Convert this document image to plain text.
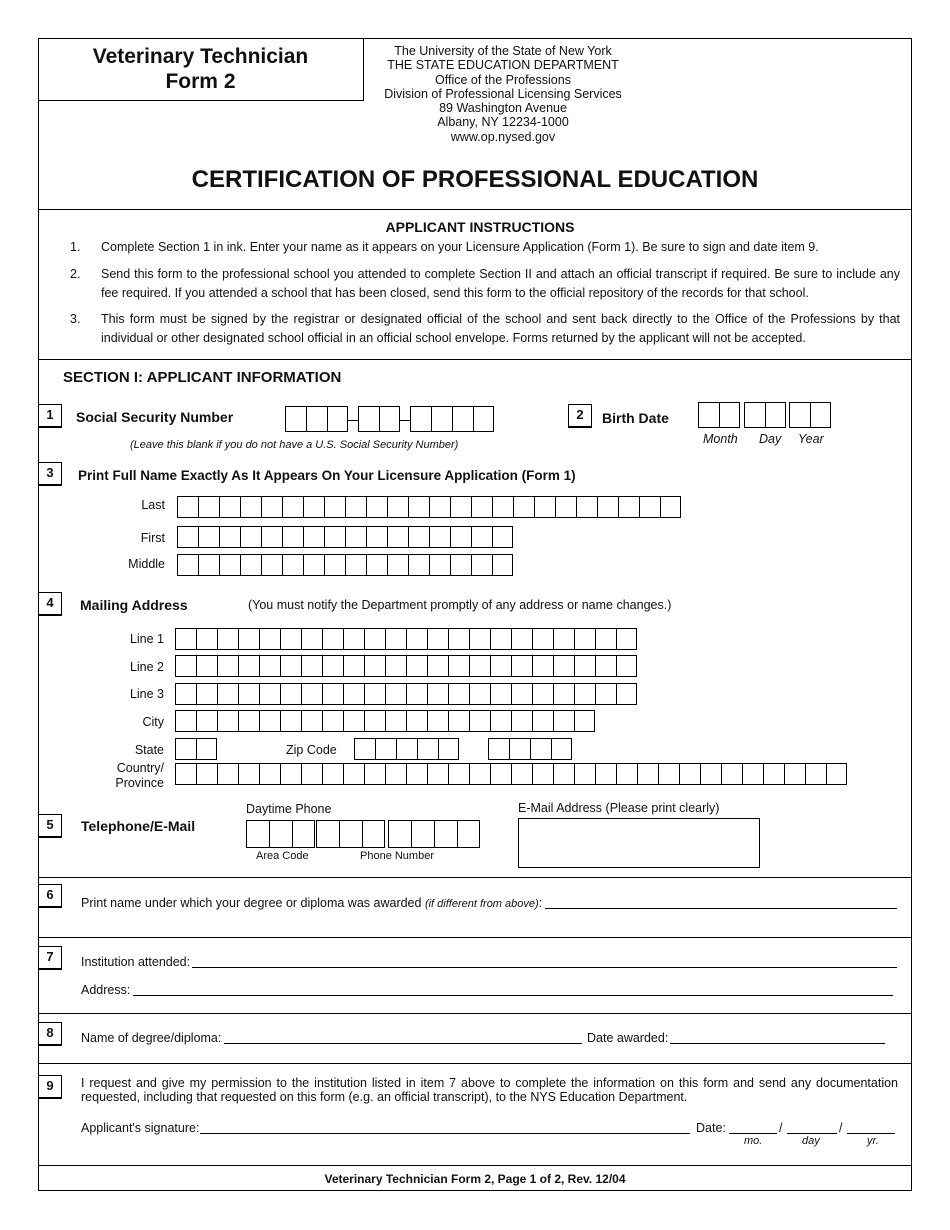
Veterinary Technician
Form 2
The University of the State of New York
THE STATE EDUCATION DEPARTMENT
Office of the Professions
Division of Professional Licensing Services
89 Washington Avenue
Albany, NY 12234-1000
www.op.nysed.gov
CERTIFICATION OF PROFESSIONAL EDUCATION
APPLICANT INSTRUCTIONS
1. Complete Section 1 in ink. Enter your name as it appears on your Licensure Application (Form 1). Be sure to sign and date item 9.
2. Send this form to the professional school you attended to complete Section II and attach an official transcript if required. Be sure to include any fee required. If you attended a school that has been closed, send this form to the official repository of the records for that school.
3. This form must be signed by the registrar or designated official of the school and sent back directly to the Office of the Professions by that individual or other designated school official in an official school envelope. Forms returned by the applicant will not be accepted.
SECTION I: APPLICANT INFORMATION
1	Social Security Number
(Leave this blank if you do not have a U.S. Social Security Number)
2	Birth Date
Month Day Year
3	Print Full Name Exactly As It Appears On Your Licensure Application (Form 1)
Last
First
Middle
4	Mailing Address	(You must notify the Department promptly of any address or name changes.)
Line 1
Line 2
Line 3
City
State	Zip Code
Country/
Province
5	Telephone/E-Mail
Daytime Phone
Area Code	Phone Number
E-Mail Address (Please print clearly)
6
Print name under which your degree or diploma was awarded (if different from above):
7	Institution attended:
Address:
8	Name of degree/diploma:	Date awarded:
9	I request and give my permission to the institution listed in item 7 above to complete the information on this form and send any documentation requested, including that requested on this form (e.g. an official transcript), to the NYS Education Department.
Applicant's signature:	Date:	/	/
mo.	day	yr.
Veterinary Technician Form 2, Page 1 of 2, Rev. 12/04
